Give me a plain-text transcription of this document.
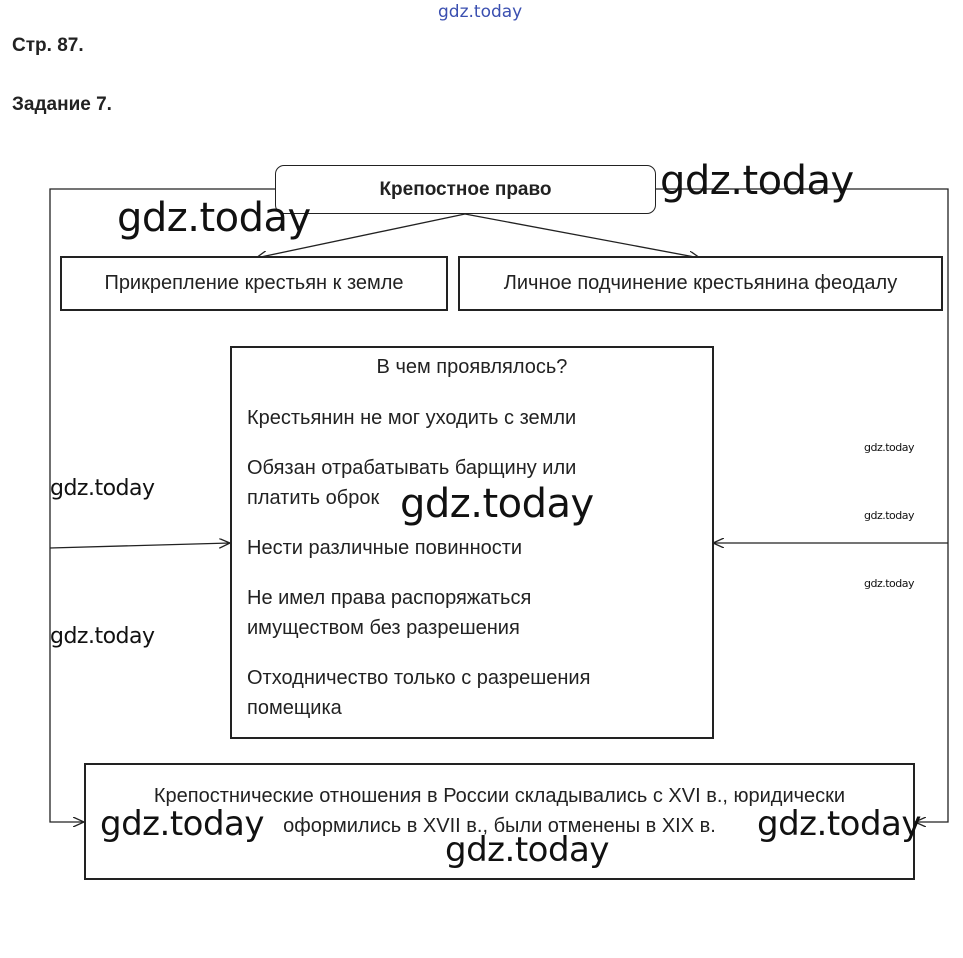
gdz.today
Стр. 87.
Задание 7.
Крепостное право
Прикрепление крестьян к земле	Личное подчинение крестьянина феодалу
В чем проявлялось?
Крестьянин не мог уходить с земли
Обязан отрабатывать барщину или
платить оброк
Нести различные повинности
Не имел права распоряжаться
имуществом без разрешения
Отходничество только с разрешения
помещика
Крепостнические отношения в России складывались с XVI в., юридически
оформились в XVII в., были отменены в XIX в.
gdz.today
gdz.today
gdz.today
gdz.today
gdz.today
gdz.today
gdz.today
gdz.today
gdz.today	gdz.today
gdz.today
